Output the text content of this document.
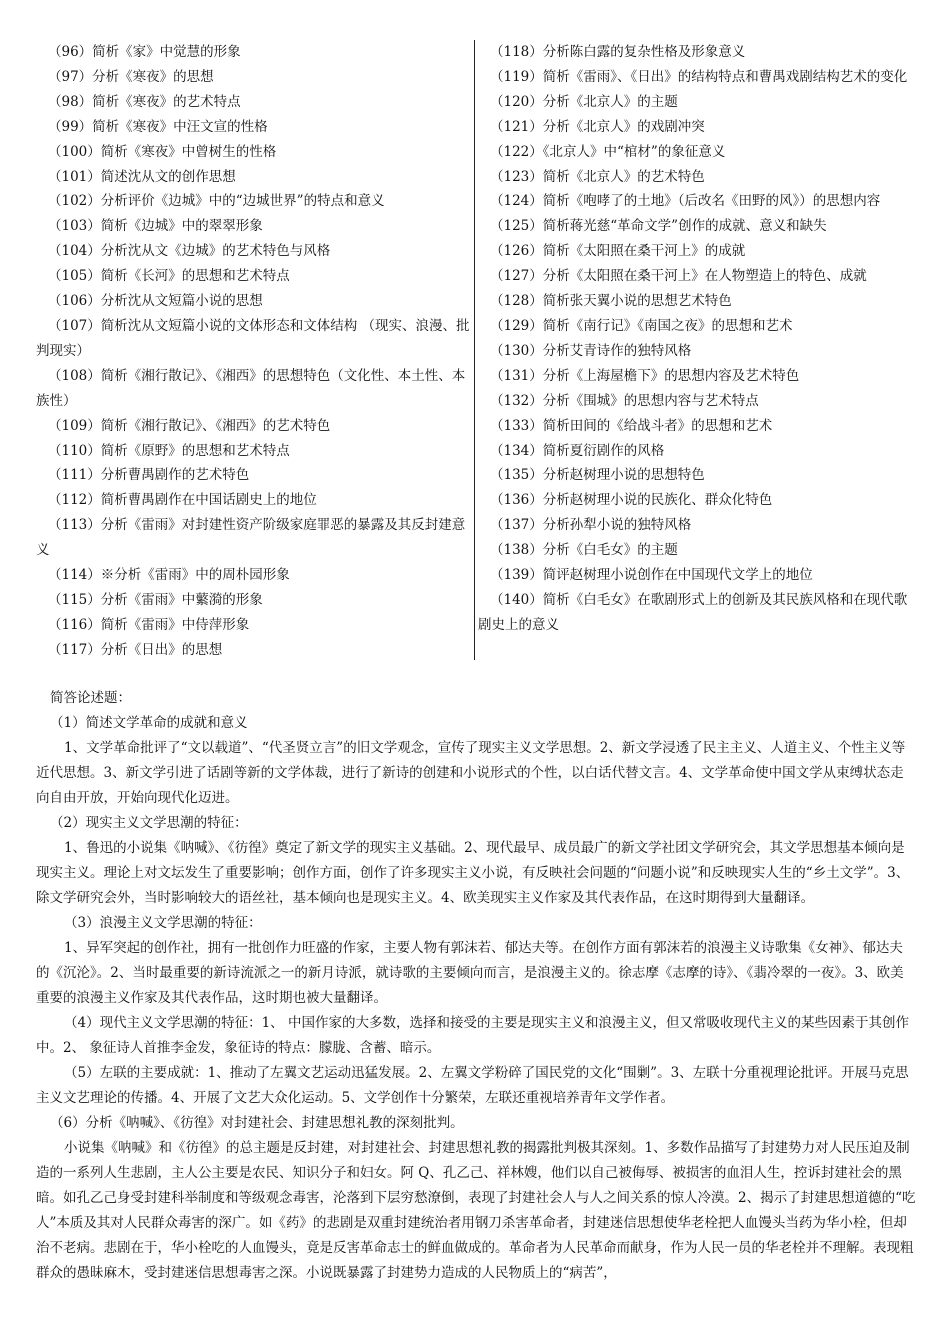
（96）简析《家》中觉慧的形象
（97）分析《寒夜》的思想
（98）简析《寒夜》的艺术特点
（99）简析《寒夜》中汪文宣的性格
（100）简析《寒夜》中曾树生的性格
（101）简述沈从文的创作思想
（102）分析评价《边城》中的“边城世界”的特点和意义
（103）简析《边城》中的翠翠形象
（104）分析沈从文《边城》的艺术特色与风格
（105）简析《长河》的思想和艺术特点
（106）分析沈从文短篇小说的思想
（107）简析沈从文短篇小说的文体形态和文体结构 （现实、浪漫、批判现实）
（108）简析《湘行散记》、《湘西》的思想特色（文化性、本土性、本族性）
（109）简析《湘行散记》、《湘西》的艺术特色
（110）简析《原野》的思想和艺术特点
（111）分析曹禺剧作的艺术特色
（112）简析曹禺剧作在中国话剧史上的地位
（113）分析《雷雨》对封建性资产阶级家庭罪恶的暴露及其反封建意义
（114）※分析《雷雨》中的周朴园形象
（115）分析《雷雨》中蘩漪的形象
（116）简析《雷雨》中侍萍形象
（117）分析《日出》的思想
（118）分析陈白露的复杂性格及形象意义
（119）简析《雷雨》、《日出》的结构特点和曹禺戏剧结构艺术的变化
（120）分析《北京人》的主题
（121）分析《北京人》的戏剧冲突
（122）《北京人》中“棺材”的象征意义
（123）简析《北京人》的艺术特色
（124）简析《咆哮了的土地》（后改名《田野的风》）的思想内容
（125）简析蒋光慈“革命文学”创作的成就、意义和缺失
（126）简析《太阳照在桑干河上》的成就
（127）分析《太阳照在桑干河上》在人物塑造上的特色、成就
（128）简析张天翼小说的思想艺术特色
（129）简析《南行记》《南国之夜》的思想和艺术
（130）分析艾青诗作的独特风格
（131）分析《上海屋檐下》的思想内容及艺术特色
（132）分析《围城》的思想内容与艺术特点
（133）简析田间的《给战斗者》的思想和艺术
（134）简析夏衍剧作的风格
（135）分析赵树理小说的思想特色
（136）分析赵树理小说的民族化、群众化特色
（137）分析孙犁小说的独特风格
（138）分析《白毛女》的主题
（139）简评赵树理小说创作在中国现代文学上的地位
（140）简析《白毛女》在歌剧形式上的创新及其民族风格和在现代歌剧史上的意义

简答论述题：

（1）简述文学革命的成就和意义

1、文学革命批评了“文以载道”、“代圣贤立言”的旧文学观念，宣传了现实主义文学思想。2、新文学浸透了民主主义、人道主义、个性主义等近代思想。3、新文学引进了话剧等新的文学体裁，进行了新诗的创建和小说形式的个性，以白话代替文言。4、文学革命使中国文学从束缚状态走向自由开放，开始向现代化迈进。

（2）现实主义文学思潮的特征：

1、鲁迅的小说集《呐喊》、《彷徨》奠定了新文学的现实主义基础。2、现代最早、成员最广的新文学社团文学研究会，其文学思想基本倾向是现实主义。理论上对文坛发生了重要影响；创作方面，创作了许多现实主义小说，有反映社会问题的“问题小说”和反映现实人生的“乡土文学”。3、除文学研究会外，当时影响较大的语丝社，基本倾向也是现实主义。4、欧美现实主义作家及其代表作品，在这时期得到大量翻译。

（3）浪漫主义文学思潮的特征：

1、异军突起的创作社，拥有一批创作力旺盛的作家，主要人物有郭沫若、郁达夫等。在创作方面有郭沫若的浪漫主义诗歌集《女神》、郁达夫的《沉沦》。2、当时最重要的新诗流派之一的新月诗派，就诗歌的主要倾向而言，是浪漫主义的。徐志摩《志摩的诗》、《翡冷翠的一夜》。3、欧美重要的浪漫主义作家及其代表作品，这时期也被大量翻译。

（4）现代主义文学思潮的特征：1、 中国作家的大多数，选择和接受的主要是现实主义和浪漫主义，但又常吸收现代主义的某些因素于其创作中。2、 象征诗人首推李金发，象征诗的特点：朦胧、含蓄、暗示。

（5）左联的主要成就：1、推动了左翼文艺运动迅猛发展。2、左翼文学粉碎了国民党的文化“围剿”。3、左联十分重视理论批评。开展马克思主义文艺理论的传播。4、开展了文艺大众化运动。5、文学创作十分繁荣，左联还重视培养青年文学作者。

（6）分析《呐喊》、《彷徨》对封建社会、封建思想礼教的深刻批判。

小说集《呐喊》和《彷徨》的总主题是反封建，对封建社会、封建思想礼教的揭露批判极其深刻。1、多数作品描写了封建势力对人民压迫及制造的一系列人生悲剧，主人公主要是农民、知识分子和妇女。阿 Q、孔乙己、祥林嫂，他们以自己被侮辱、被损害的血泪人生，控诉封建社会的黑暗。如孔乙己身受封建科举制度和等级观念毒害，沦落到下层穷愁潦倒，表现了封建社会人与人之间关系的惊人冷漠。2、揭示了封建思想道德的“吃人”本质及其对人民群众毒害的深广。如《药》的悲剧是双重封建统治者用钢刀杀害革命者，封建迷信思想使华老栓把人血馒头当药为华小栓，但却治不老病。悲剧在于，华小栓吃的人血馒头，竟是反害革命志士的鲜血做成的。革命者为人民革命而献身，作为人民一员的华老栓并不理解。表现粗群众的愚昧麻木，受封建迷信思想毒害之深。小说既暴露了封建势力造成的人民物质上的“病苦”，
